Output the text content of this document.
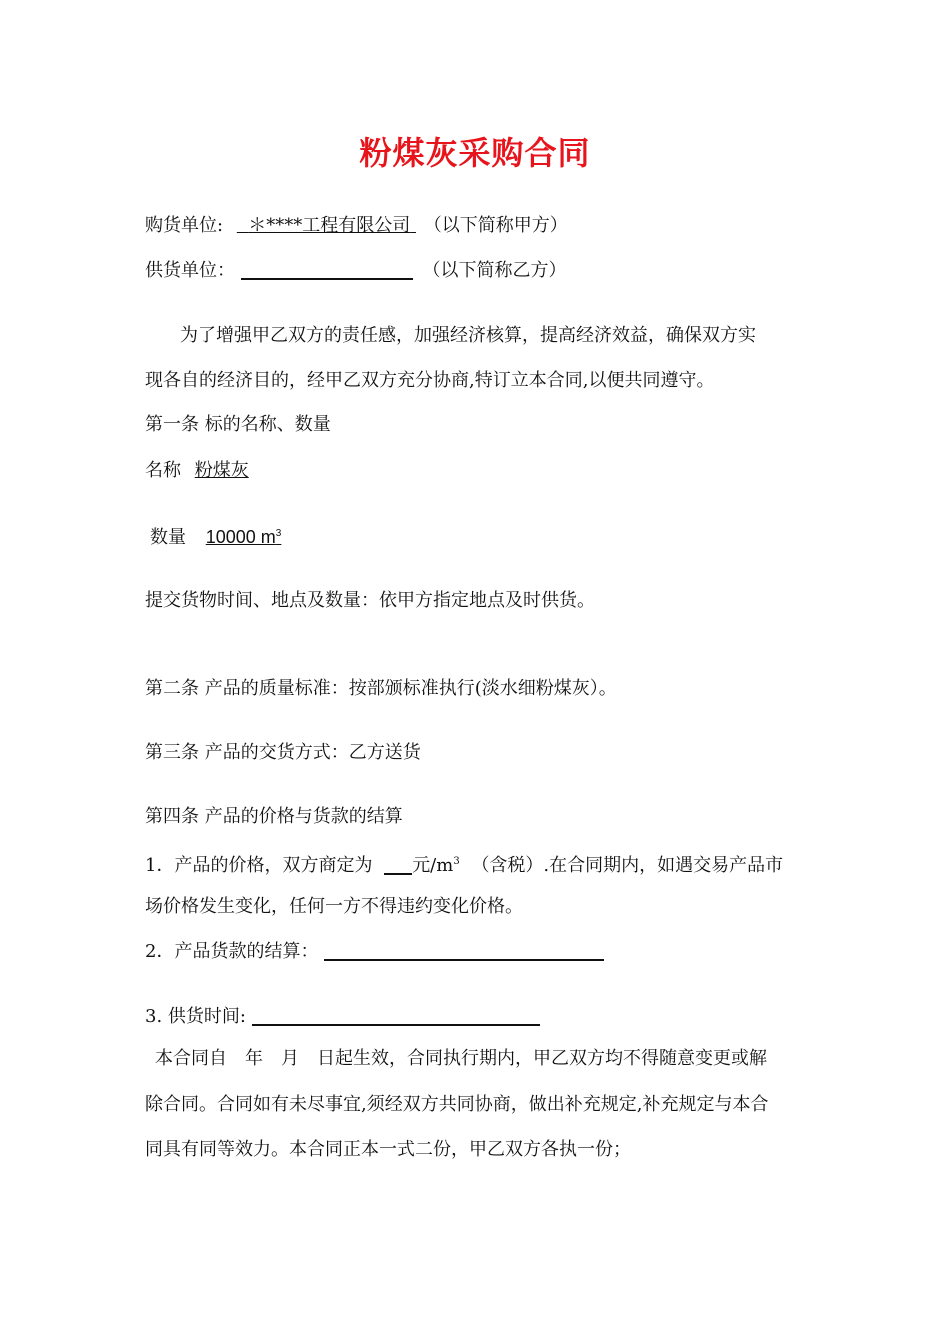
粉煤灰采购合同
购货单位: ＊****工程有限公司 （以下简称甲方）
供货单位：	（以下简称乙方）
为了增强甲乙双方的责任感，加强经济核算，提高经济效益，确保双方实
现各自的经济目的，经甲乙双方充分协商,特订立本合同,以便共同遵守。
第一条 标的名称、数量
名称 粉煤灰
数量 10000 $m^3$
提交货物时间、地点及数量：依甲方指定地点及时供货。
第二条 产品的质量标准：按部颁标准执行(淡水细粉煤灰）。
第三条 产品的交货方式：乙方送货
第四条 产品的价格与货款的结算
1．产品的价格，双方商定为 元$/m^3$ （含税）.在合同期内，如遇交易产品市
场价格发生变化，任何一方不得违约变化价格。
2．产品货款的结算：
3. 供货时间:
本合同自　年　月　日起生效，合同执行期内，甲乙双方均不得随意变更或解
除合同。合同如有未尽事宜,须经双方共同协商，做出补充规定,补充规定与本合
同具有同等效力。本合同正本一式二份，甲乙双方各执一份；
